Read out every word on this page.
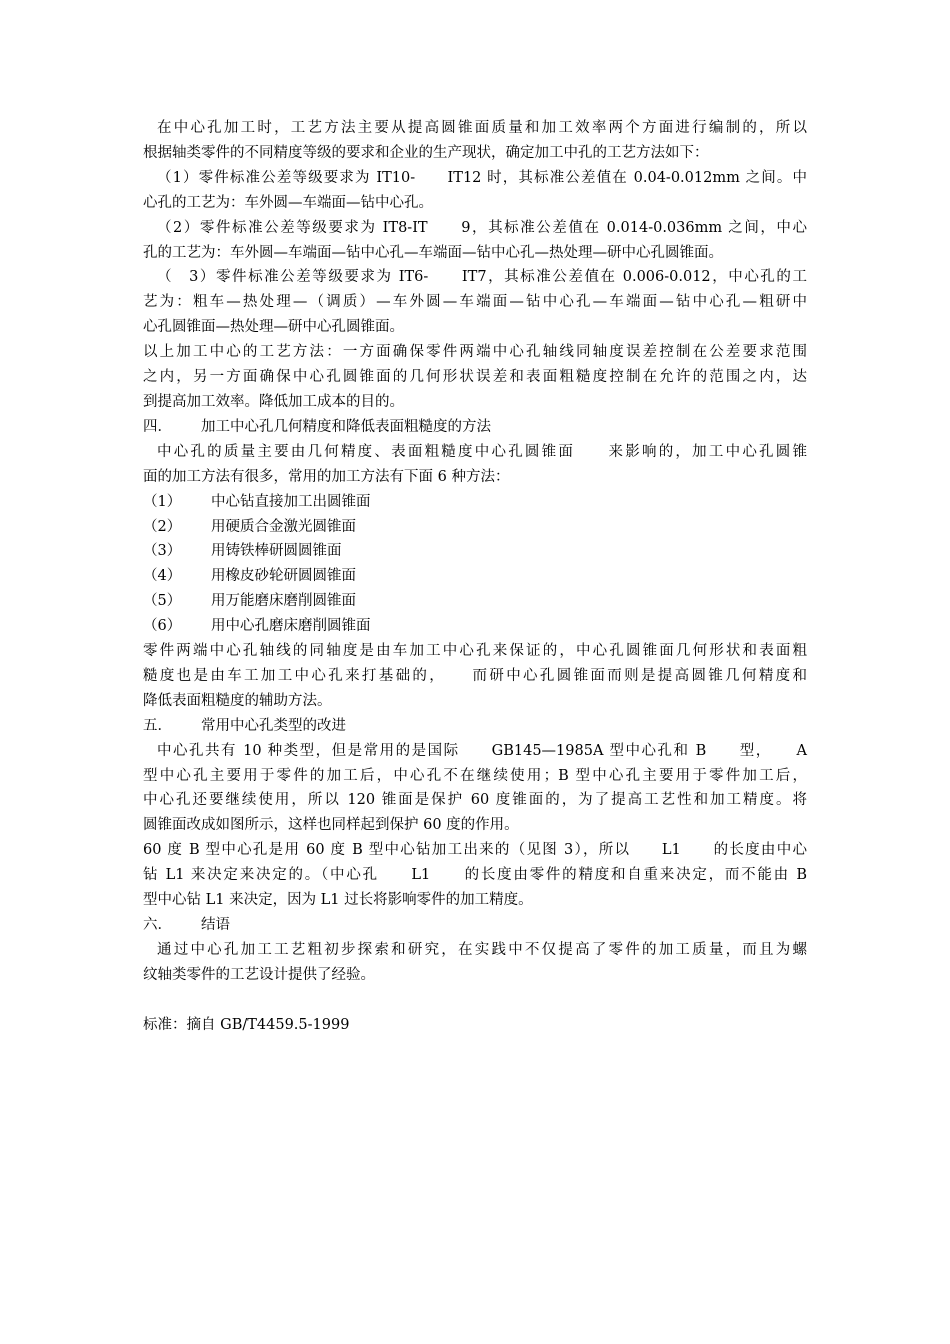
在中心孔加工时，工艺方法主要从提高圆锥面质量和加工效率两个方面进行编制的，所以
根据轴类零件的不同精度等级的要求和企业的生产现状，确定加工中孔的工艺方法如下：
（1）零件标准公差等级要求为 IT10-　　IT12 时，其标准公差值在 0.04-0.012mm 之间。中
心孔的工艺为：车外圆—车端面—钻中心孔。
（2）零件标准公差等级要求为 IT8-IT　　9，其标准公差值在 0.014-0.036mm 之间，中心
孔的工艺为：车外圆—车端面—钻中心孔—车端面—钻中心孔—热处理—研中心孔圆锥面。
（　3）零件标准公差等级要求为 IT6-　　IT7，其标准公差值在 0.006-0.012，中心孔的工
艺为：粗车—热处理—（调质）—车外圆—车端面—钻中心孔—车端面—钻中心孔—粗研中
心孔圆锥面—热处理—研中心孔圆锥面。
以上加工中心的工艺方法：一方面确保零件两端中心孔轴线同轴度误差控制在公差要求范围
之内，另一方面确保中心孔圆锥面的几何形状误差和表面粗糙度控制在允许的范围之内，达
到提高加工效率。降低加工成本的目的。
四． 加工中心孔几何精度和降低表面粗糙度的方法
中心孔的质量主要由几何精度、表面粗糙度中心孔圆锥面　　来影响的，加工中心孔圆锥
面的加工方法有很多，常用的加工方法有下面 6 种方法：
（1） 中心钻直接加工出圆锥面
（2） 用硬质合金激光圆锥面
（3） 用铸铁棒研圆圆锥面
（4） 用橡皮砂轮研圆圆锥面
（5） 用万能磨床磨削圆锥面
（6） 用中心孔磨床磨削圆锥面
零件两端中心孔轴线的同轴度是由车加工中心孔来保证的，中心孔圆锥面几何形状和表面粗
糙度也是由车工加工中心孔来打基础的，　　而研中心孔圆锥面而则是提高圆锥几何精度和
降低表面粗糙度的辅助方法。
五． 常用中心孔类型的改进
中心孔共有 10 种类型，但是常用的是国际　　GB145—1985A 型中心孔和 B　　型，　　A
型中心孔主要用于零件的加工后，中心孔不在继续使用；B 型中心孔主要用于零件加工后，
中心孔还要继续使用，所以 120 锥面是保护 60 度锥面的，为了提高工艺性和加工精度。将
圆锥面改成如图所示，这样也同样起到保护 60 度的作用。
60 度 B 型中心孔是用 60 度 B 型中心钻加工出来的（见图 3），所以　　L1　　的长度由中心
钻 L1 来决定来决定的。（中心孔　　L1　　的长度由零件的精度和自重来决定，而不能由 B
型中心钻 L1 来决定，因为 L1 过长将影响零件的加工精度。
六． 结语
通过中心孔加工工艺粗初步探索和研究，在实践中不仅提高了零件的加工质量，而且为螺
纹轴类零件的工艺设计提供了经验。
标准：摘自 GB/T4459.5-1999
